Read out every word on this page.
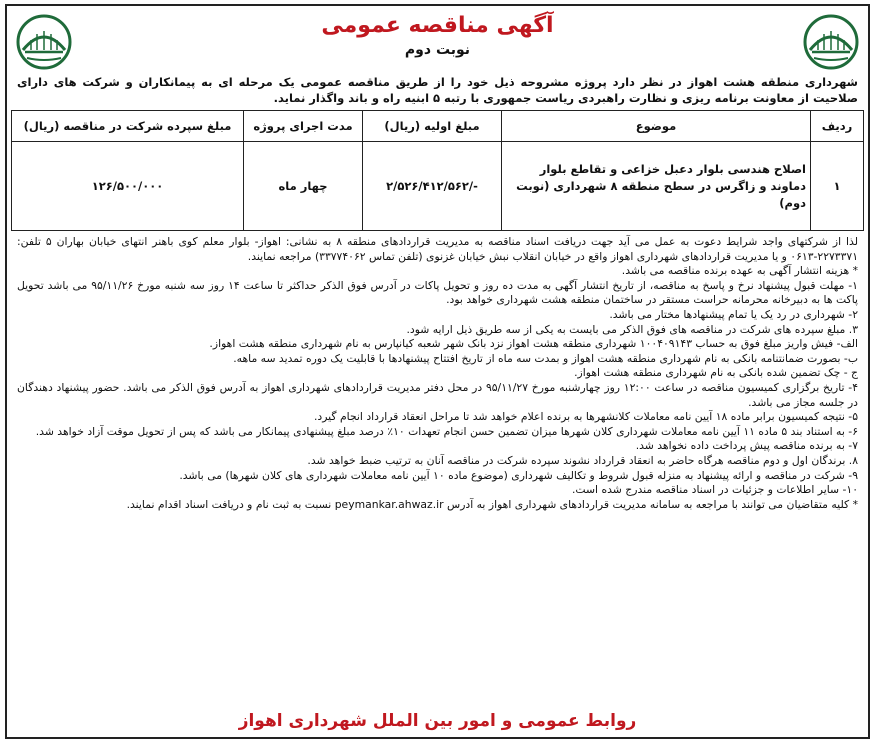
آگهی مناقصه عمومی
نوبت دوم
شهرداری منطقه هشت اهواز در نظر دارد پروژه مشروحه ذیل خود را از طریق مناقصه عمومی یک مرحله ای به پیمانکاران و شرکت های دارای صلاحیت از معاونت برنامه ریزی و نظارت راهبردی ریاست جمهوری با رتبه ۵ ابنیه راه و باند واگذار نماید.
ردیف	موضوع	مبلغ اولیه (ریال)	مدت اجرای پروژه	مبلغ سپرده شرکت در مناقصه (ریال)
۱	اصلاح هندسی بلوار دعبل خزاعی و تقاطع بلوار دماوند و زاگرس در سطح منطقه ۸ شهرداری (نوبت دوم)	-/۲/۵۲۶/۴۱۲/۵۶۲	چهار ماه	۱۲۶/۵۰۰/۰۰۰

لذا از شرکتهای واجد شرایط دعوت به عمل می آید جهت دریافت اسناد مناقصه به مدیریت قراردادهای منطقه ۸ به نشانی: اهواز- بلوار معلم کوی باهنر انتهای خیابان بهاران ۵ تلفن: ۲۲۷۳۳۷۱-۰۶۱۳ و یا مدیریت قراردادهای شهرداری اهواز واقع در خیابان انقلاب نبش خیابان غزنوی (تلفن تماس ۳۳۷۷۴۰۶۲) مراجعه نمایند.

* هزینه انتشار آگهی به عهده برنده مناقصه می باشد.

۱- مهلت قبول پیشنهاد نرخ و پاسخ به مناقصه، از تاریخ انتشار آگهی به مدت ده روز و تحویل پاکات در آدرس فوق الذکر حداکثر تا ساعت ۱۴ روز سه شنبه مورخ ۹۵/۱۱/۲۶ می باشد تحویل پاکت ها به دبیرخانه محرمانه حراست مستقر در ساختمان منطقه هشت شهرداری خواهد بود.

۲- شهرداری در رد یک یا تمام پیشنهادها مختار می باشد.

۳. مبلغ سپرده های شرکت در مناقصه های فوق الذکر می بایست به یکی از سه طریق ذیل ارایه شود.

الف- فیش واریز مبلغ فوق به حساب ۱۰۰۴۰۹۱۴۳ شهرداری منطقه هشت اهواز نزد بانک شهر شعبه کیانپارس به نام شهرداری منطقه هشت اهواز.

ب- بصورت ضمانتنامه بانکی به نام شهرداری منطقه هشت اهواز و بمدت سه ماه از تاریخ افتتاح پیشنهادها با قابلیت یک دوره تمدید سه ماهه.

ج - چک تضمین شده بانکی به نام شهرداری منطقه هشت اهواز.

۴- تاریخ برگزاری کمیسیون مناقصه در ساعت ۱۲:۰۰ روز چهارشنبه مورخ ۹۵/۱۱/۲۷ در محل دفتر مدیریت قراردادهای شهرداری اهواز به آدرس فوق الذکر می باشد. حضور پیشنهاد دهندگان در جلسه مجاز می باشد.

۵- نتیجه کمیسیون برابر ماده ۱۸ آیین نامه معاملات کلانشهرها به برنده اعلام خواهد شد تا مراحل انعقاد قرارداد انجام گیرد.

۶- به استناد بند ۵ ماده ۱۱ آیین نامه معاملات شهرداری کلان شهرها میزان تضمین حسن انجام تعهدات ۱۰٪ درصد مبلغ پیشنهادی پیمانکار می باشد که پس از تحویل موقت آزاد خواهد شد.

۷- به برنده مناقصه پیش پرداخت داده نخواهد شد.

۸. برندگان اول و دوم مناقصه هرگاه حاضر به انعقاد قرارداد نشوند سپرده شرکت در مناقصه آنان به ترتیب ضبط خواهد شد.

۹- شرکت در مناقصه و ارائه پیشنهاد به منزله قبول شروط و تکالیف شهرداری (موضوع ماده ۱۰ آیین نامه معاملات شهرداری های کلان شهرها) می باشد.

۱۰- سایر اطلاعات و جزئیات در اسناد مناقصه مندرج شده است.

* کلیه متقاضیان می توانند با مراجعه به سامانه مدیریت قراردادهای شهرداری اهواز به آدرس peymankar.ahwaz.ir نسبت به ثبت نام و دریافت اسناد اقدام نمایند.

روابط عمومی و امور بین الملل شهرداری اهواز
